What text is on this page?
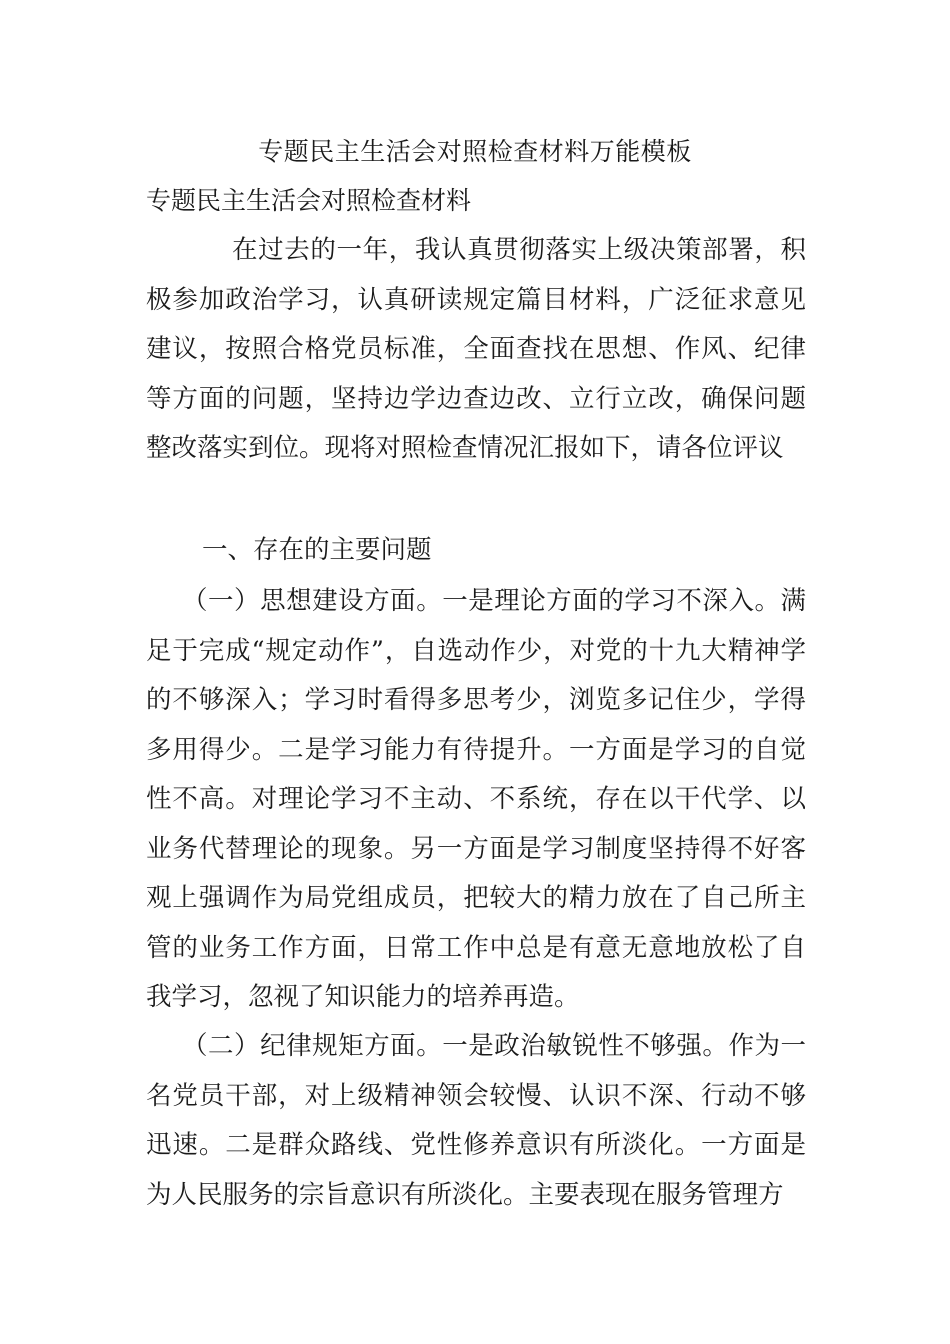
专题民主生活会对照检查材料万能模板
专题民主生活会对照检查材料

在过去的一年，我认真贯彻落实上级决策部署，积极参加政治学习，认真研读规定篇目材料，广泛征求意见建议，按照合格党员标准，全面查找在思想、作风、纪律等方面的问题，坚持边学边查边改、立行立改，确保问题整改落实到位。现将对照检查情况汇报如下，请各位评议

一、存在的主要问题

（一）思想建设方面。一是理论方面的学习不深入。满足于完成“规定动作”，自选动作少，对党的十九大精神学的不够深入；学习时看得多思考少，浏览多记住少，学得多用得少。二是学习能力有待提升。一方面是学习的自觉性不高。对理论学习不主动、不系统，存在以干代学、以业务代替理论的现象。另一方面是学习制度坚持得不好客观上强调作为局党组成员，把较大的精力放在了自己所主管的业务工作方面，日常工作中总是有意无意地放松了自我学习，忽视了知识能力的培养再造。

（二）纪律规矩方面。一是政治敏锐性不够强。作为一名党员干部，对上级精神领会较慢、认识不深、行动不够迅速。二是群众路线、党性修养意识有所淡化。一方面是为人民服务的宗旨意识有所淡化。主要表现在服务管理方
